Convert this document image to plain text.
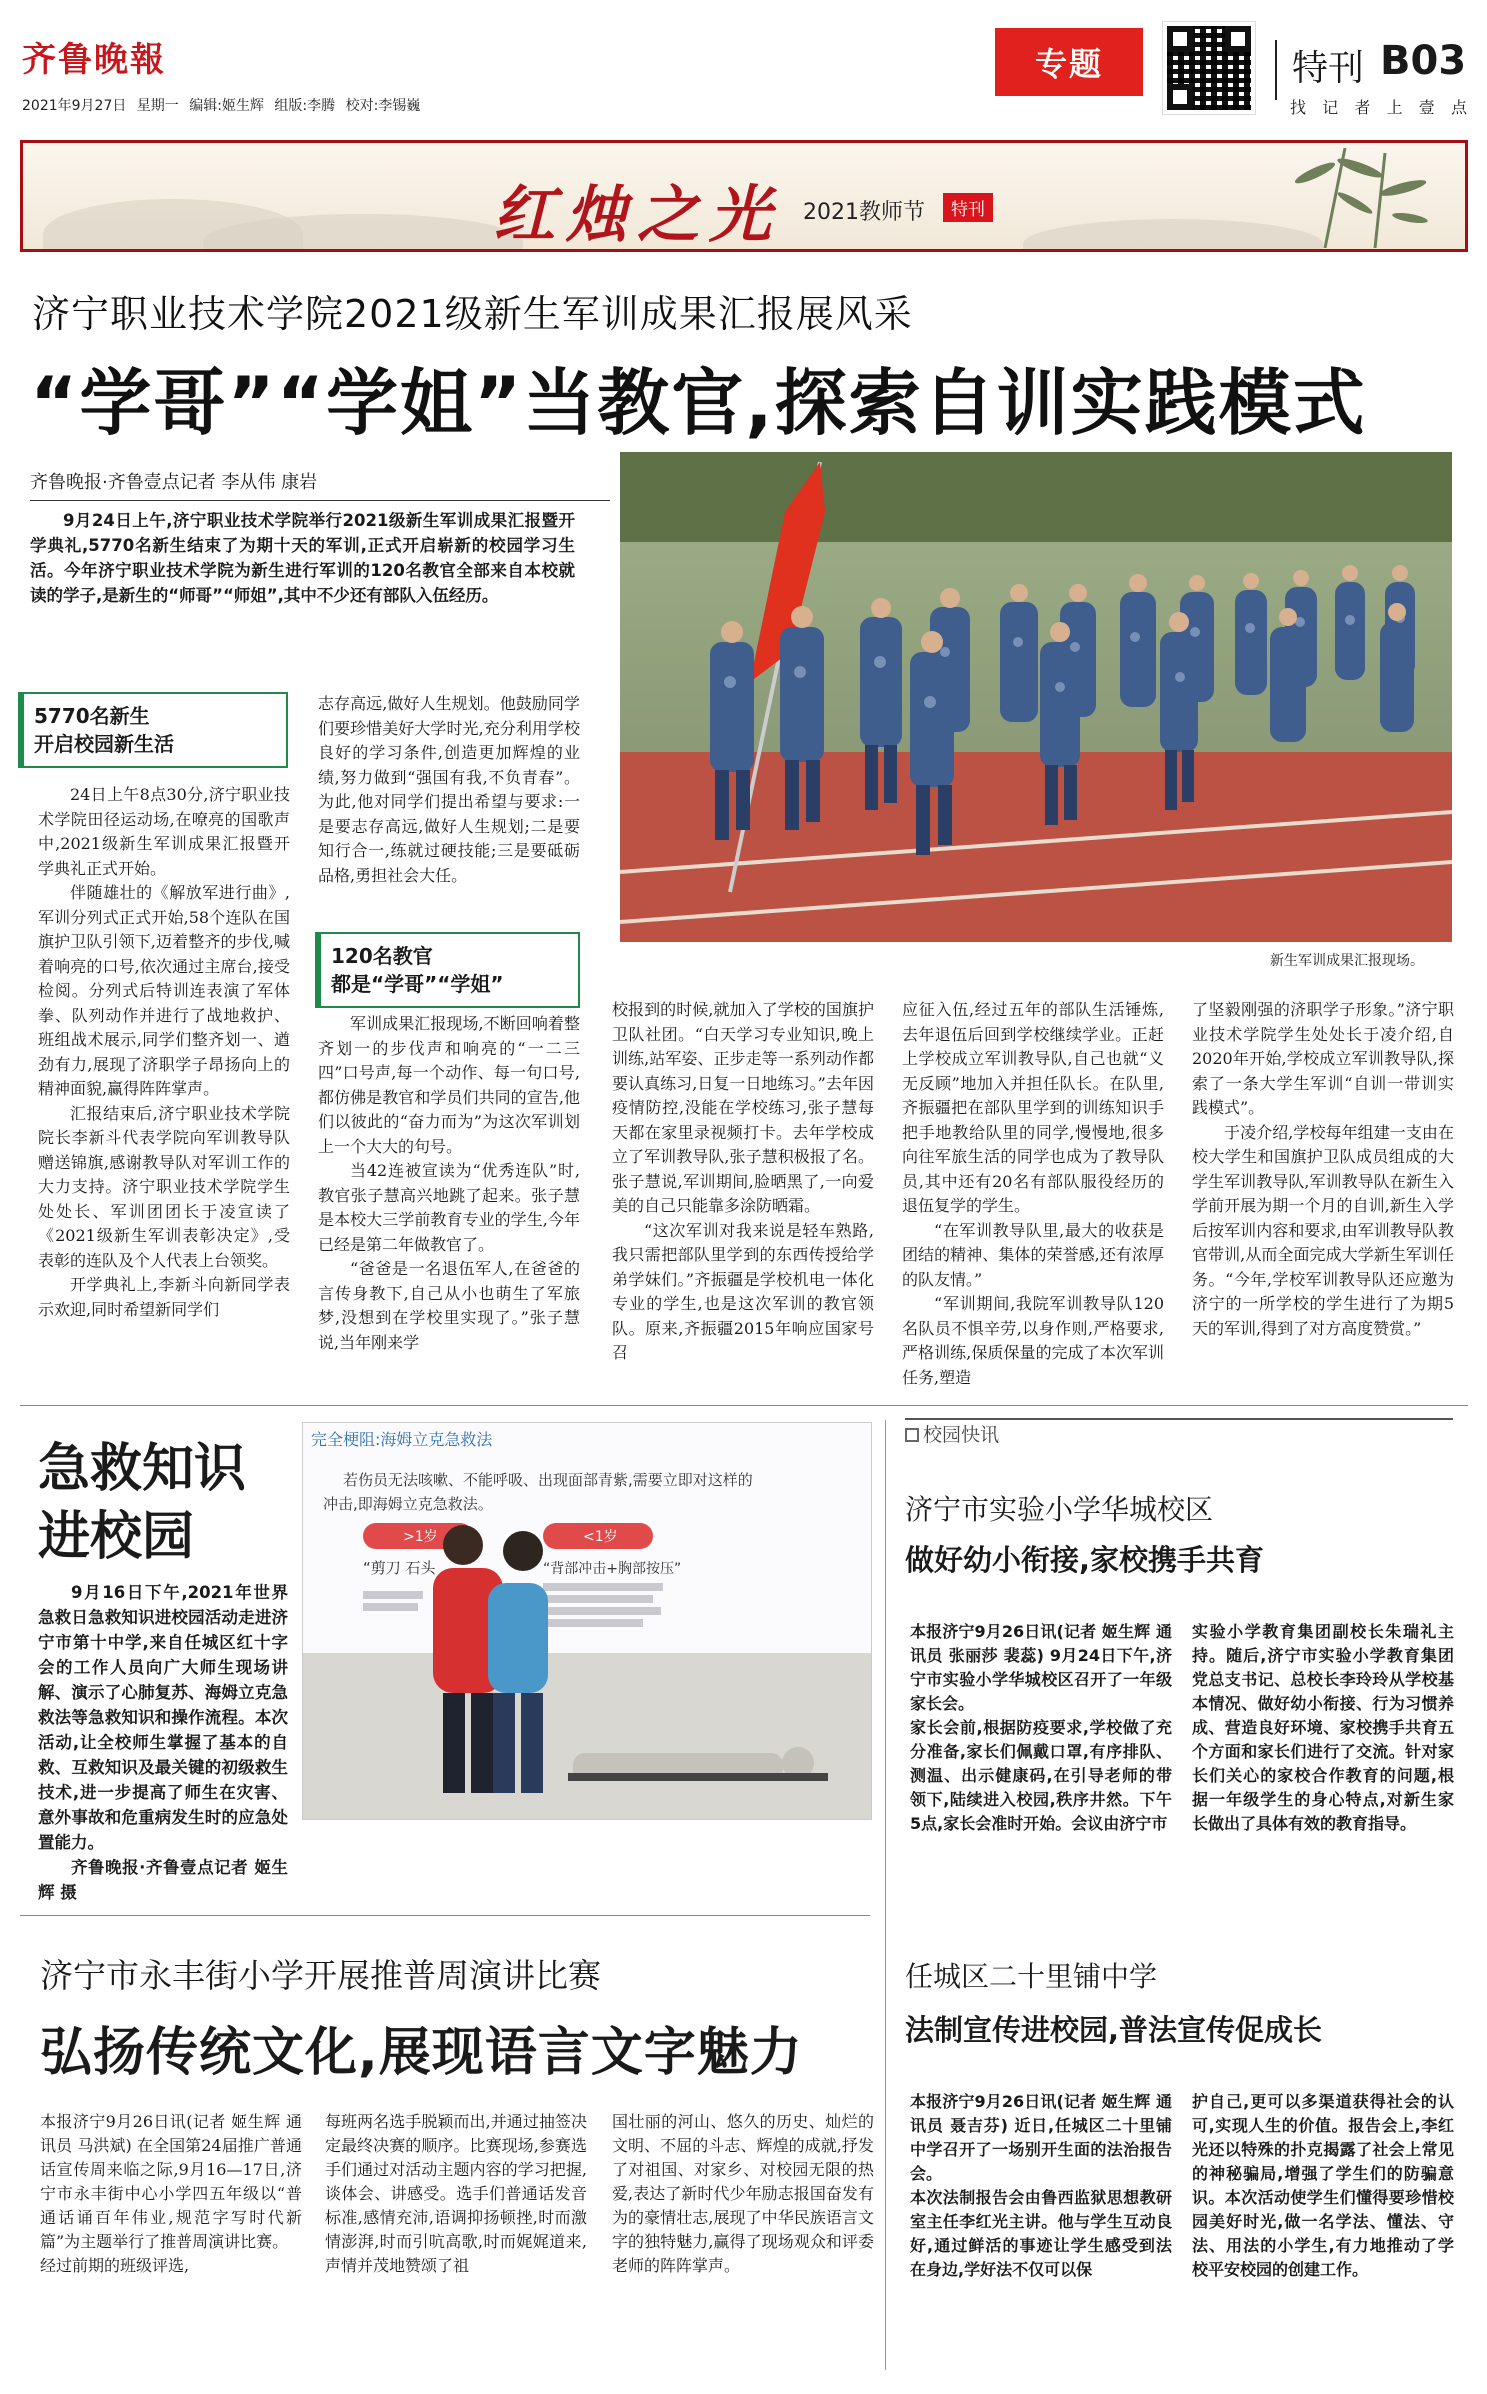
齐鲁晚報
2021年9月27日 星期一 编辑:姬生辉 组版:李腾 校对:李锡巍
专题	特刊 B03
找 记 者 上 壹 点
红烛之光 2021教师节	特刊
济宁职业技术学院2021级新生军训成果汇报展风采
“学哥”“学姐”当教官,探索自训实践模式
齐鲁晚报·齐鲁壹点记者 李从伟 康岩
9月24日上午,济宁职业技术学院举行2021级新生军训成果汇报暨开学典礼,5770名新生结束了为期十天的军训,正式开启崭新的校园学习生活。今年济宁职业技术学院为新生进行军训的120名教官全部来自本校就读的学子,是新生的“师哥”“师姐”,其中不少还有部队入伍经历。
新生军训成果汇报现场。
5770名新生
开启校园新生活
120名教官
都是“学哥”“学姐”

24日上午8点30分,济宁职业技术学院田径运动场,在嘹亮的国歌声中,2021级新生军训成果汇报暨开学典礼正式开始。

伴随雄壮的《解放军进行曲》,军训分列式正式开始,58个连队在国旗护卫队引领下,迈着整齐的步伐,喊着响亮的口号,依次通过主席台,接受检阅。分列式后特训连表演了军体拳、队列动作并进行了战地救护、班组战术展示,同学们整齐划一、遒劲有力,展现了济职学子昂扬向上的精神面貌,赢得阵阵掌声。

汇报结束后,济宁职业技术学院院长李新斗代表学院向军训教导队赠送锦旗,感谢教导队对军训工作的大力支持。济宁职业技术学院学生处处长、军训团团长于凌宣读了《2021级新生军训表彰决定》,受表彰的连队及个人代表上台领奖。

开学典礼上,李新斗向新同学表示欢迎,同时希望新同学们

志存高远,做好人生规划。他鼓励同学们要珍惜美好大学时光,充分利用学校良好的学习条件,创造更加辉煌的业绩,努力做到“强国有我,不负青春”。为此,他对同学们提出希望与要求:一是要志存高远,做好人生规划;二是要知行合一,练就过硬技能;三是要砥砺品格,勇担社会大任。

军训成果汇报现场,不断回响着整齐划一的步伐声和响亮的“一二三四”口号声,每一个动作、每一句口号,都仿佛是教官和学员们共同的宣告,他们以彼此的“奋力而为”为这次军训划上一个大大的句号。

当42连被宣读为“优秀连队”时,教官张子慧高兴地跳了起来。张子慧是本校大三学前教育专业的学生,今年已经是第二年做教官了。

“爸爸是一名退伍军人,在爸爸的言传身教下,自己从小也萌生了军旅梦,没想到在学校里实现了。”张子慧说,当年刚来学

校报到的时候,就加入了学校的国旗护卫队社团。“白天学习专业知识,晚上训练,站军姿、正步走等一系列动作都要认真练习,日复一日地练习。”去年因疫情防控,没能在学校练习,张子慧每天都在家里录视频打卡。去年学校成立了军训教导队,张子慧积极报了名。张子慧说,军训期间,脸晒黑了,一向爱美的自己只能靠多涂防晒霜。

“这次军训对我来说是轻车熟路,我只需把部队里学到的东西传授给学弟学妹们。”齐振疆是学校机电一体化专业的学生,也是这次军训的教官领队。原来,齐振疆2015年响应国家号召

应征入伍,经过五年的部队生活锤炼,去年退伍后回到学校继续学业。正赶上学校成立军训教导队,自己也就“义无反顾”地加入并担任队长。在队里,齐振疆把在部队里学到的训练知识手把手地教给队里的同学,慢慢地,很多向往军旅生活的同学也成为了教导队员,其中还有20名有部队服役经历的退伍复学的学生。

“在军训教导队里,最大的收获是团结的精神、集体的荣誉感,还有浓厚的队友情。”

“军训期间,我院军训教导队120名队员不惧辛劳,以身作则,严格要求,严格训练,保质保量的完成了本次军训任务,塑造

了坚毅刚强的济职学子形象。”济宁职业技术学院学生处处长于凌介绍,自2020年开始,学校成立军训教导队,探索了一条大学生军训“自训一带训实践模式”。

于凌介绍,学校每年组建一支由在校大学生和国旗护卫队成员组成的大学生军训教导队,军训教导队在新生入学前开展为期一个月的自训,新生入学后按军训内容和要求,由军训教导队教官带训,从而全面完成大学新生军训任务。“今年,学校军训教导队还应邀为济宁的一所学校的学生进行了为期5天的军训,得到了对方高度赞赏。”

急救知识
进校园

9月16日下午,2021年世界急救日急救知识进校园活动走进济宁市第十中学,来自任城区红十字会的工作人员向广大师生现场讲解、演示了心肺复苏、海姆立克急救法等急救知识和操作流程。本次活动,让全校师生掌握了基本的自救、互救知识及最关键的初级救生技术,进一步提高了师生在灾害、意外事故和危重病发生时的应急处置能力。

齐鲁晚报·齐鲁壹点记者 姬生辉 摄

完全梗阻:海姆立克急救法
若伤员无法咳嗽、不能呼吸、出现面部青紫,需要立即对这样的
冲击,即海姆立克急救法。
>1岁	<1岁
“剪刀 石头	“背部冲击+胸部按压”
校园快讯
济宁市实验小学华城校区
做好幼小衔接,家校携手共育
本报济宁9月26日讯(记者 姬生辉 通讯员 张丽莎 裴蕊) 9月24日下午,济宁市实验小学华城校区召开了一年级家长会。
家长会前,根据防疫要求,学校做了充分准备,家长们佩戴口罩,有序排队、测温、出示健康码,在引导老师的带领下,陆续进入校园,秩序井然。下午5点,家长会准时开始。会议由济宁市
实验小学教育集团副校长朱瑞礼主持。随后,济宁市实验小学教育集团党总支书记、总校长李玲玲从学校基本情况、做好幼小衔接、行为习惯养成、营造良好环境、家校携手共育五个方面和家长们进行了交流。针对家长们关心的家校合作教育的问题,根据一年级学生的身心特点,对新生家长做出了具体有效的教育指导。
任城区二十里铺中学
法制宣传进校园,普法宣传促成长
本报济宁9月26日讯(记者 姬生辉 通讯员 聂吉芬) 近日,任城区二十里铺中学召开了一场别开生面的法治报告会。
本次法制报告会由鲁西监狱思想教研室主任李红光主讲。他与学生互动良好,通过鲜活的事迹让学生感受到法在身边,学好法不仅可以保
护自己,更可以多渠道获得社会的认可,实现人生的价值。报告会上,李红光还以特殊的扑克揭露了社会上常见的神秘骗局,增强了学生们的防骗意识。本次活动使学生们懂得要珍惜校园美好时光,做一名学法、懂法、守法、用法的小学生,有力地推动了学校平安校园的创建工作。
济宁市永丰街小学开展推普周演讲比赛
弘扬传统文化,展现语言文字魅力
本报济宁9月26日讯(记者 姬生辉 通讯员 马洪斌) 在全国第24届推广普通话宣传周来临之际,9月16—17日,济宁市永丰街中心小学四五年级以“普通话诵百年伟业,规范字写时代新篇”为主题举行了推普周演讲比赛。
经过前期的班级评选,
每班两名选手脱颖而出,并通过抽签决定最终决赛的顺序。比赛现场,参赛选手们通过对活动主题内容的学习把握,谈体会、讲感受。选手们普通话发音标准,感情充沛,语调抑扬顿挫,时而激情澎湃,时而引吭高歌,时而娓娓道来,声情并茂地赞颂了祖
国壮丽的河山、悠久的历史、灿烂的文明、不屈的斗志、辉煌的成就,抒发了对祖国、对家乡、对校园无限的热爱,表达了新时代少年励志报国奋发有为的豪情壮志,展现了中华民族语言文字的独特魅力,赢得了现场观众和评委老师的阵阵掌声。
